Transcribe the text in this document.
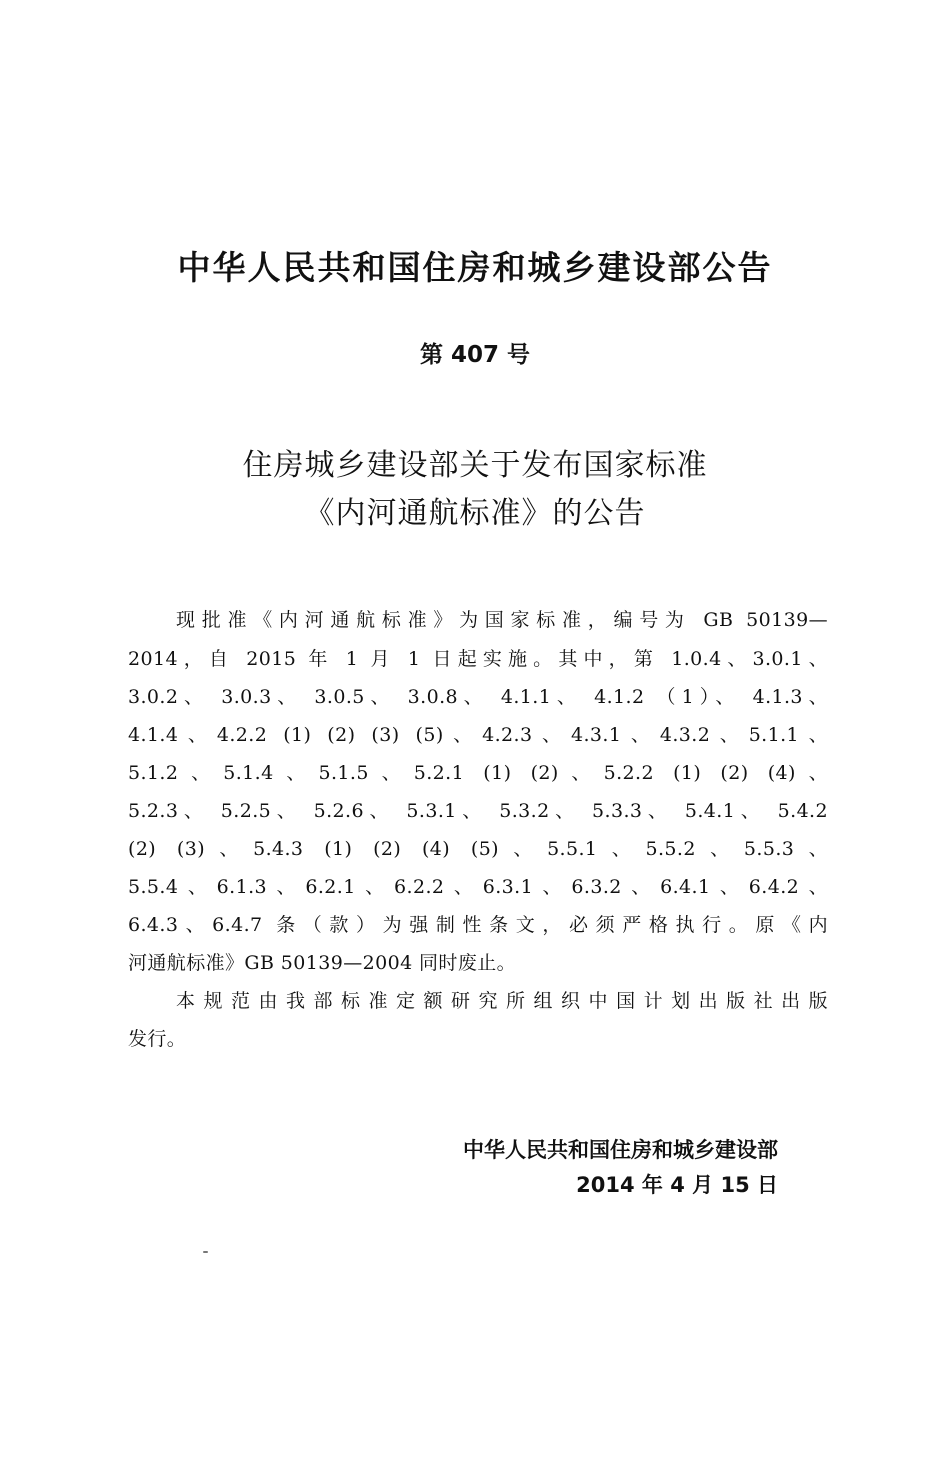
中华人民共和国住房和城乡建设部公告
第 407 号
住房城乡建设部关于发布国家标准
《内河通航标准》的公告
现批准《内河通航标准》为国家标准，编号为 GB 50139—
2014，自 2015 年 1 月 1 日起实施。其中，第 1.0.4、3.0.1、
3.0.2、 3.0.3、 3.0.5、 3.0.8、 4.1.1、 4.1.2 （1）、 4.1.3、
4.1.4、4.2.2 (1) (2) (3) (5)、4.2.3、4.3.1、4.3.2、5.1.1、
5.1.2、5.1.4、5.1.5、5.2.1 (1) (2)、5.2.2 (1) (2) (4)、
5.2.3、 5.2.5、 5.2.6、 5.3.1、 5.3.2、 5.3.3、 5.4.1、 5.4.2
(2) (3)、5.4.3 (1) (2) (4) (5)、5.5.1、5.5.2、5.5.3、
5.5.4、6.1.3、6.2.1、6.2.2、6.3.1、6.3.2、6.4.1、6.4.2、
6.4.3、6.4.7 条（款）为强制性条文，必须严格执行。原《内
河通航标准》GB 50139—2004 同时废止。
本规范由我部标准定额研究所组织中国计划出版社出版
发行。
中华人民共和国住房和城乡建设部
2014 年 4 月 15 日
